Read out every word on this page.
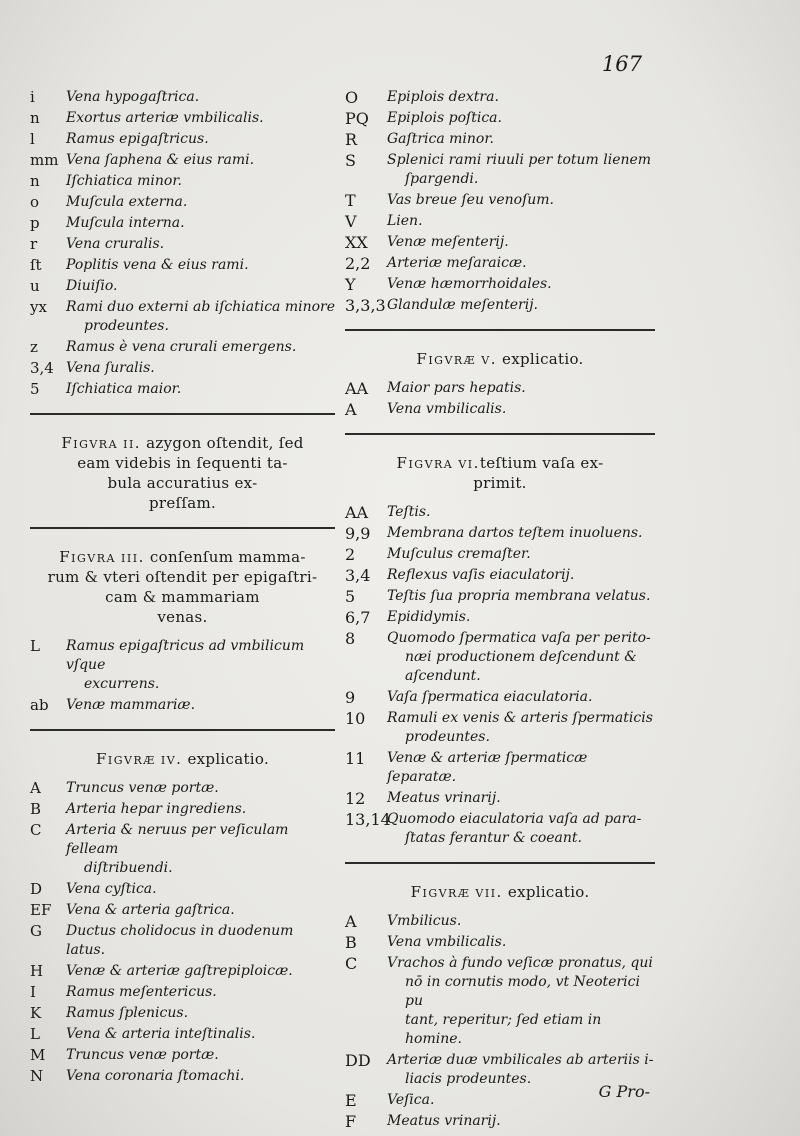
167
i	Vena hypogaſtrica.
n	Exortus arteriæ vmbilicalis.
l	Ramus epigaſtricus.
mm Vena ſaphena & eius rami.
n	Iſchiatica minor.
o	Muſcula externa.
p	Muſcula interna.
r	Vena cruralis.
ſt	Poplitis vena & eius rami.
u	Diuiſio.
yx	Rami duo externi ab iſchiatica minore
prodeuntes.
z	Ramus è vena crurali emergens.
3,4 Vena ſuralis.
5	Iſchiatica maior.
Figvra ii. azygon oſtendit, ſed
eam videbis in ſequenti ta-
bula accuratius ex-
preſſam.
Figvra iii. conſenſum mamma-
rum & vteri oſtendit per epigaſtri-
cam & mammariam
venas.
L	Ramus epigaſtricus ad vmbilicum vſque
excurrens.
ab	Venæ mammariæ.
Figvræ iv. explicatio.
A	Truncus venæ portæ.
B	Arteria hepar ingrediens.
C	Arteria & neruus per veſiculam felleam
diſtribuendi.
D	Vena cyſtica.
EF	Vena & arteria gaſtrica.
G	Ductus cholidocus in duodenum latus.
H	Venæ & arteriæ gaſtrepiploicæ.
I	Ramus meſentericus.
K	Ramus ſplenicus.
L	Vena & arteria inteſtinalis.
M	Truncus venæ portæ.
N	Vena coronaria ſtomachi.
O	Epiplois dextra.
PQ	Epiplois poſtica.
R	Gaſtrica minor.
S	Splenici rami riuuli per totum lienem
ſpargendi.
T	Vas breue ſeu venoſum.
V	Lien.
XX	Venæ meſenterij.
2,2	Arteriæ meſaraicæ.
Y	Venæ hæmorrhoidales.
3,3,3 Glandulæ meſenterij.
Figvræ v. explicatio.
AA	Maior pars hepatis.
A	Vena vmbilicalis.
Figvra vi.teſtium vaſa ex-
primit.
AA	Teſtis.
9,9	Membrana dartos teſtem inuoluens.
2	Muſculus cremaſter.
3,4	Reflexus vaſis eiaculatorij.
5	Teſtis ſua propria membrana velatus.
6,7	Epididymis.
8	Quomodo ſpermatica vaſa per perito-
næi productionem deſcendunt &
aſcendunt.
9	Vaſa ſpermatica eiaculatoria.
10	Ramuli ex venis & arteris ſpermaticis
prodeuntes.
11	Venæ & arteriæ ſpermaticæ ſeparatæ.
12	Meatus vrinarij.
13,14
Quomodo eiaculatoria vaſa ad para-
ſtatas ferantur & coeant.
Figvræ vii. explicatio.
A	Vmbilicus.
B	Vena vmbilicalis.
C	Vrachos à fundo veſicæ pronatus, qui
nō in cornutis modo, vt Neoterici pu
tant, reperitur; ſed etiam in homine.
DD	Arteriæ duæ vmbilicales ab arteriis i-
liacis prodeuntes.
E	Veſica.
F	Meatus vrinarij.
G Pro-
